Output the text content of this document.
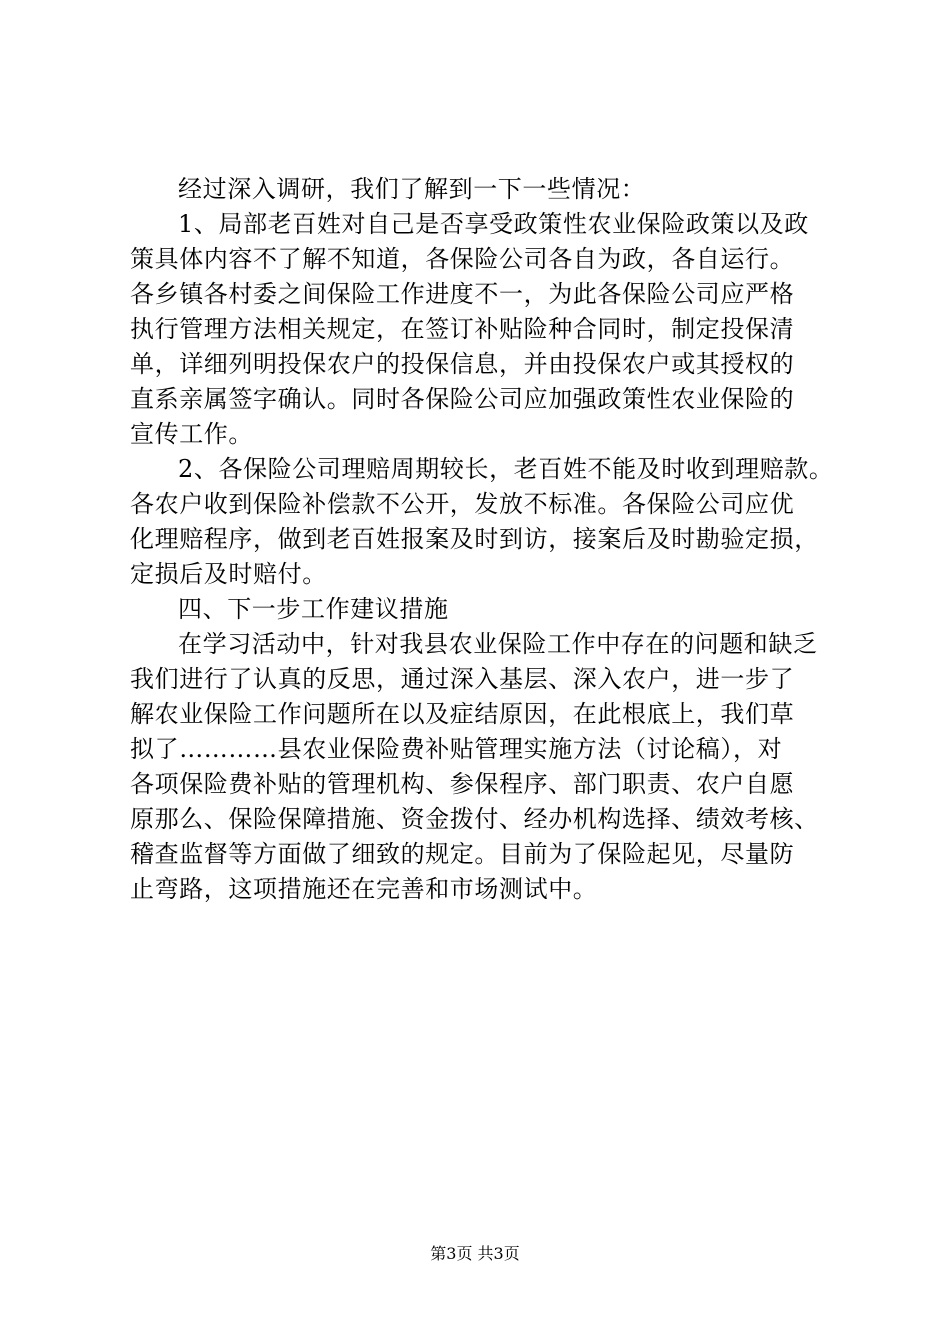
经过深入调研，我们了解到一下一些情况：
1、局部老百姓对自己是否享受政策性农业保险政策以及政
策具体内容不了解不知道，各保险公司各自为政，各自运行。
各乡镇各村委之间保险工作进度不一，为此各保险公司应严格
执行管理方法相关规定，在签订补贴险种合同时，制定投保清
单，详细列明投保农户的投保信息，并由投保农户或其授权的
直系亲属签字确认。同时各保险公司应加强政策性农业保险的
宣传工作。
2、各保险公司理赔周期较长，老百姓不能及时收到理赔款。
各农户收到保险补偿款不公开，发放不标准。各保险公司应优
化理赔程序，做到老百姓报案及时到访，接案后及时勘验定损，
定损后及时赔付。
四、下一步工作建议措施
在学习活动中，针对我县农业保险工作中存在的问题和缺乏
我们进行了认真的反思，通过深入基层、深入农户，进一步了
解农业保险工作问题所在以及症结原因，在此根底上，我们草
拟了…………县农业保险费补贴管理实施方法（讨论稿），对
各项保险费补贴的管理机构、参保程序、部门职责、农户自愿
原那么、保险保障措施、资金拨付、经办机构选择、绩效考核、
稽查监督等方面做了细致的规定。目前为了保险起见，尽量防
止弯路，这项措施还在完善和市场测试中。
第3页 共3页
